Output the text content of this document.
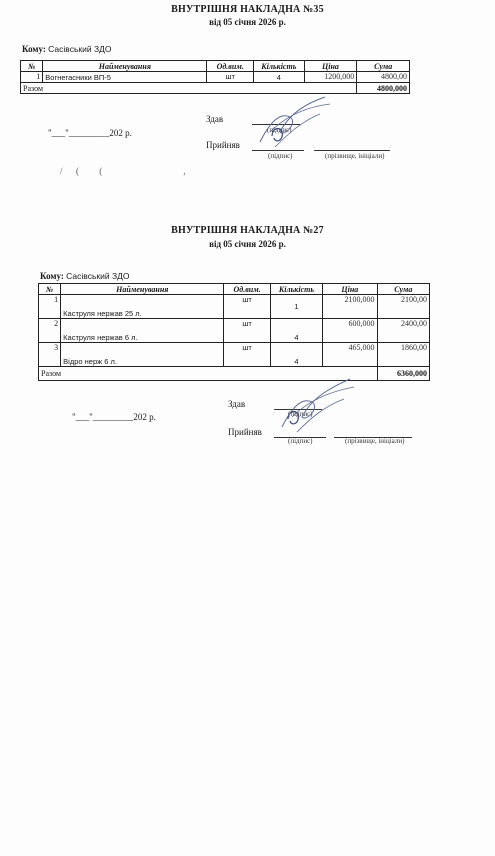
ВНУТРІШНЯ НАКЛАДНА №35
від 05 січня 2026 р.
Кому: Сасівський ЗДО
№	Найменування	Од.вим.	Кількість	Ціна	Сума
1	Вогнегасники ВП-5	шт	4	1200,000	4800,00
Разом					4800,000
Здав
(підпис)
"___"_________202 р.
Прийняв
(підпис)	(прізвище, ініціали)
/      (         (                                    ,
ВНУТРІШНЯ НАКЛАДНА №27
від 05 січня 2026 р.
Кому: Сасівський ЗДО
№	Найменування	Од.вим.	Кількість	Ціна	Сума
1	Каструля нержав 25 л.	шт	1	2100,000	2100,00
2	Каструля нержав 6 л.	шт	4	600,000	2400,00
3	Відро нерж 6 л.	шт	4	465,000	1860,00
Разом					6360,000
Здав
(підпис)
"___"_________202 р.
Прийняв
(підпис)	(прізвище, ініціали)
